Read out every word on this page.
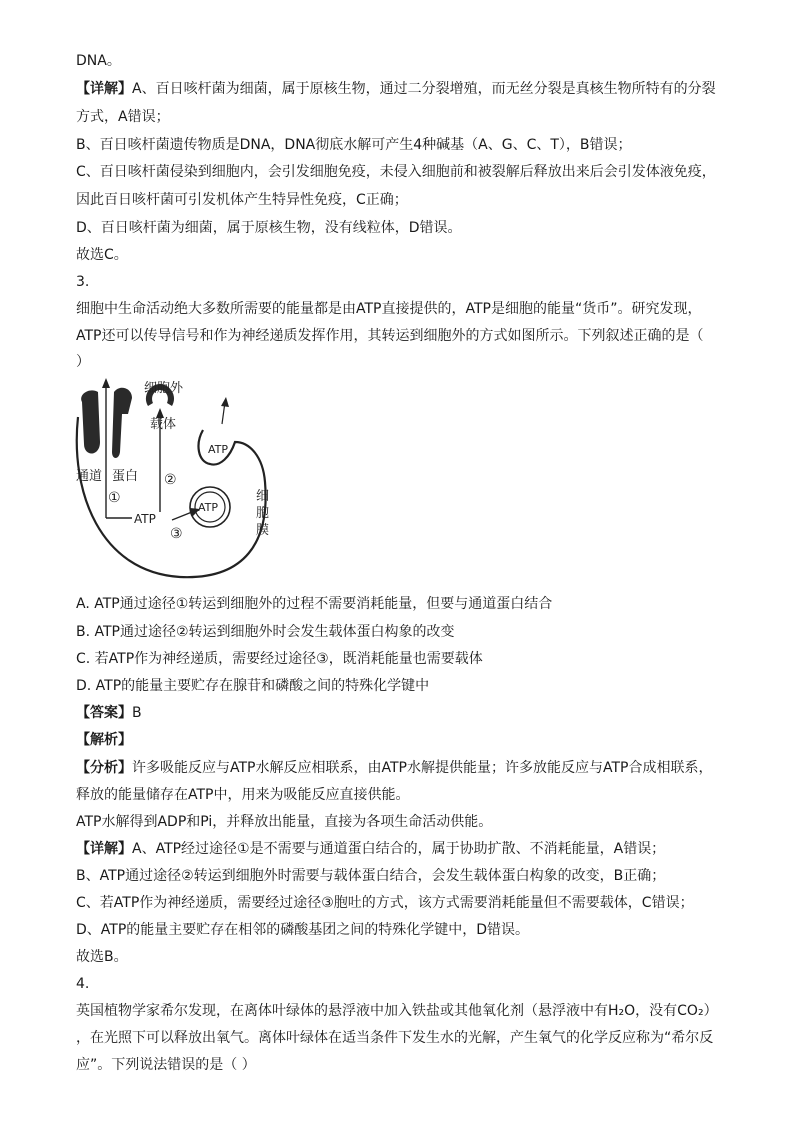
DNA。
【详解】A、百日咳杆菌为细菌，属于原核生物，通过二分裂增殖，而无丝分裂是真核生物所特有的分裂
方式，A错误；
B、百日咳杆菌遗传物质是DNA，DNA彻底水解可产生4种碱基（A、G、C、T），B错误；
C、百日咳杆菌侵染到细胞内，会引发细胞免疫，未侵入细胞前和被裂解后释放出来后会引发体液免疫，
因此百日咳杆菌可引发机体产生特异性免疫，C正确；
D、百日咳杆菌为细菌，属于原核生物，没有线粒体，D错误。
故选C。
3.
细胞中生命活动绝大多数所需要的能量都是由ATP直接提供的，ATP是细胞的能量“货币”。研究发现，
ATP还可以传导信号和作为神经递质发挥作用，其转运到细胞外的方式如图所示。下列叙述正确的是（
）
A. ATP通过途径①转运到细胞外的过程不需要消耗能量，但要与通道蛋白结合
B. ATP通过途径②转运到细胞外时会发生载体蛋白构象的改变
C. 若ATP作为神经递质，需要经过途径③，既消耗能量也需要载体
D. ATP的能量主要贮存在腺苷和磷酸之间的特殊化学键中
【答案】B
【解析】
【分析】许多吸能反应与ATP水解反应相联系，由ATP水解提供能量；许多放能反应与ATP合成相联系，
释放的能量储存在ATP中，用来为吸能反应直接供能。
ATP水解得到ADP和Pi，并释放出能量，直接为各项生命活动供能。
【详解】A、ATP经过途径①是不需要与通道蛋白结合的，属于协助扩散、不消耗能量，A错误；
B、ATP通过途径②转运到细胞外时需要与载体蛋白结合，会发生载体蛋白构象的改变，B正确；
C、若ATP作为神经递质，需要经过途径③胞吐的方式，该方式需要消耗能量但不需要载体，C错误；
D、ATP的能量主要贮存在相邻的磷酸基团之间的特殊化学键中，D错误。
故选B。
4.
英国植物学家希尔发现，在离体叶绿体的悬浮液中加入铁盐或其他氧化剂（悬浮液中有H₂O，没有CO₂）
，在光照下可以释放出氧气。离体叶绿体在适当条件下发生水的光解，产生氧气的化学反应称为“希尔反
应”。下列说法错误的是（ ）
细胞外
载体
通道 蛋白
①
②
③
ATP
ATP
ATP
细
胞
膜
